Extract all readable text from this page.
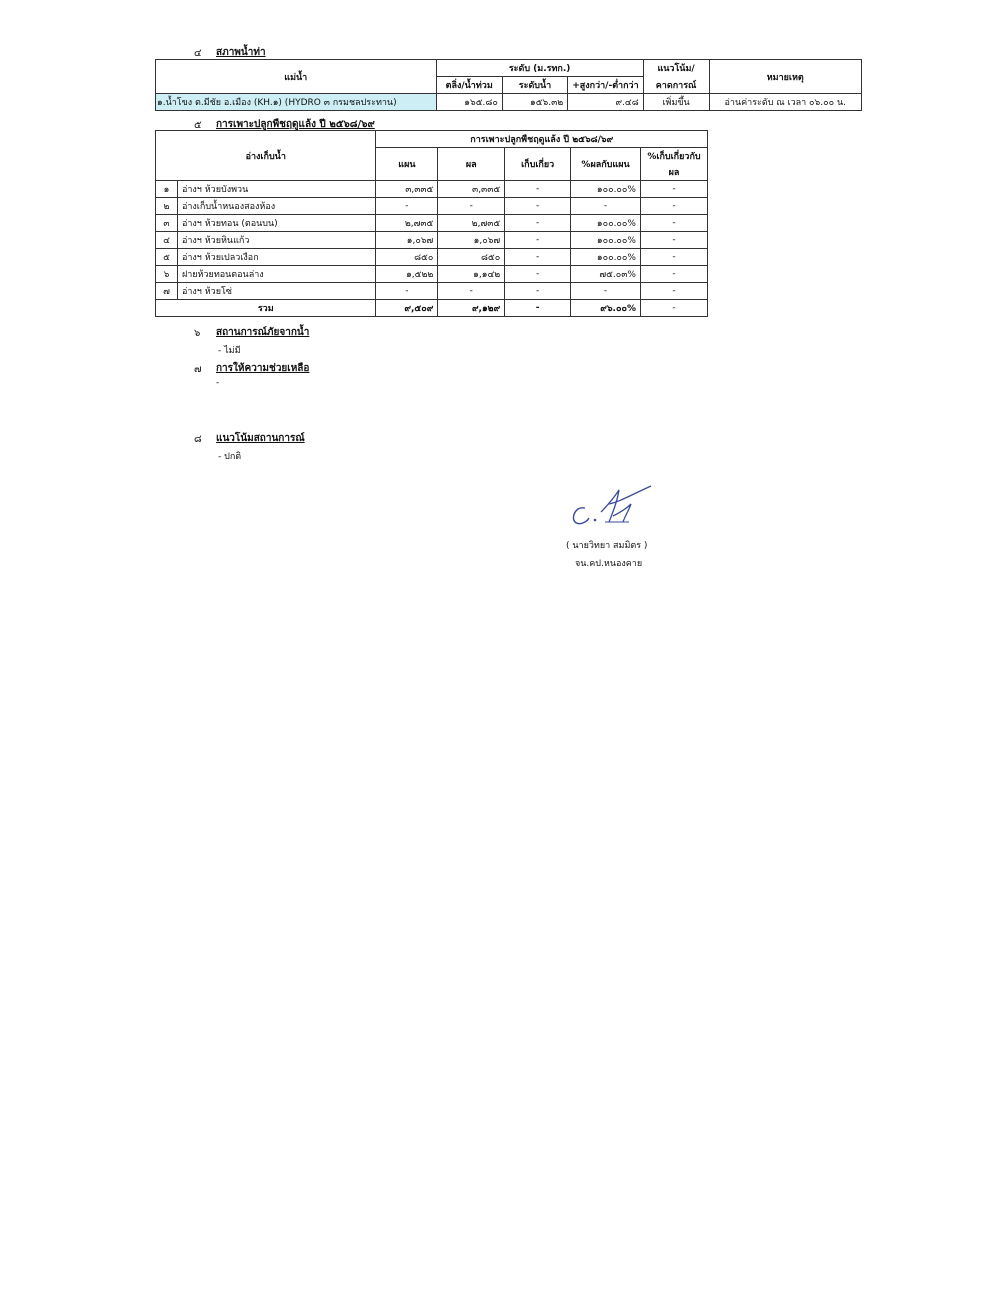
๔ สภาพน้ำท่า
แม่น้ำ	ระดับ (ม.รทก.)			แนวโน้ม/	หมายเหตุ
	ตลิ่ง/น้ำท่วม	ระดับน้ำ	+สูงกว่า/-ต่ำกว่า	คาดการณ์	
๑.น้ำโขง ต.มีชัย อ.เมือง (KH.๑) (HYDRO ๓ กรมชลประทาน)	๑๖๕.๘๐	๑๕๖.๓๒	๙.๔๘	เพิ่มขึ้น	อ่านค่าระดับ ณ เวลา ๐๖.๐๐ น.
๕ การเพาะปลูกพืชฤดูแล้ง ปี ๒๕๖๘/๖๙
อ่างเก็บน้ำ		การเพาะปลูกพืชฤดูแล้ง ปี ๒๕๖๘/๖๙				
		แผน	ผล	เก็บเกี่ยว	%ผลกับแผน	%เก็บเกี่ยวกับ
						ผล
๑	อ่างฯ ห้วยบังพวน	๓,๓๓๕	๓,๓๓๕	-	๑๐๐.๐๐%	-
๒	อ่างเก็บน้ำหนองสองห้อง	-	-	-	-	-
๓	อ่างฯ ห้วยทอน (ตอนบน)	๒,๗๓๕	๒,๗๓๕	-	๑๐๐.๐๐%	-
๔	อ่างฯ ห้วยหินแก้ว	๑,๐๖๗	๑,๐๖๗	-	๑๐๐.๐๐%	-
๕	อ่างฯ ห้วยเปลวเงือก	๘๕๐	๘๕๐	-	๑๐๐.๐๐%	-
๖	ฝายห้วยทอนตอนล่าง	๑,๕๒๒	๑,๑๔๒	-	๗๕.๐๓%	-
๗	อ่างฯ ห้วยโซ่	-	-	-	-	-
รวม		๙,๕๐๙	๙,๑๒๙	-	๙๖.๐๐%	-
๖ สถานการณ์ภัยจากน้ำ
- ไม่มี
๗ การให้ความช่วยเหลือ
-
๘ แนวโน้มสถานการณ์
- ปกติ
( นายวิทยา สมมิตร )
จน.คป.หนองคาย
